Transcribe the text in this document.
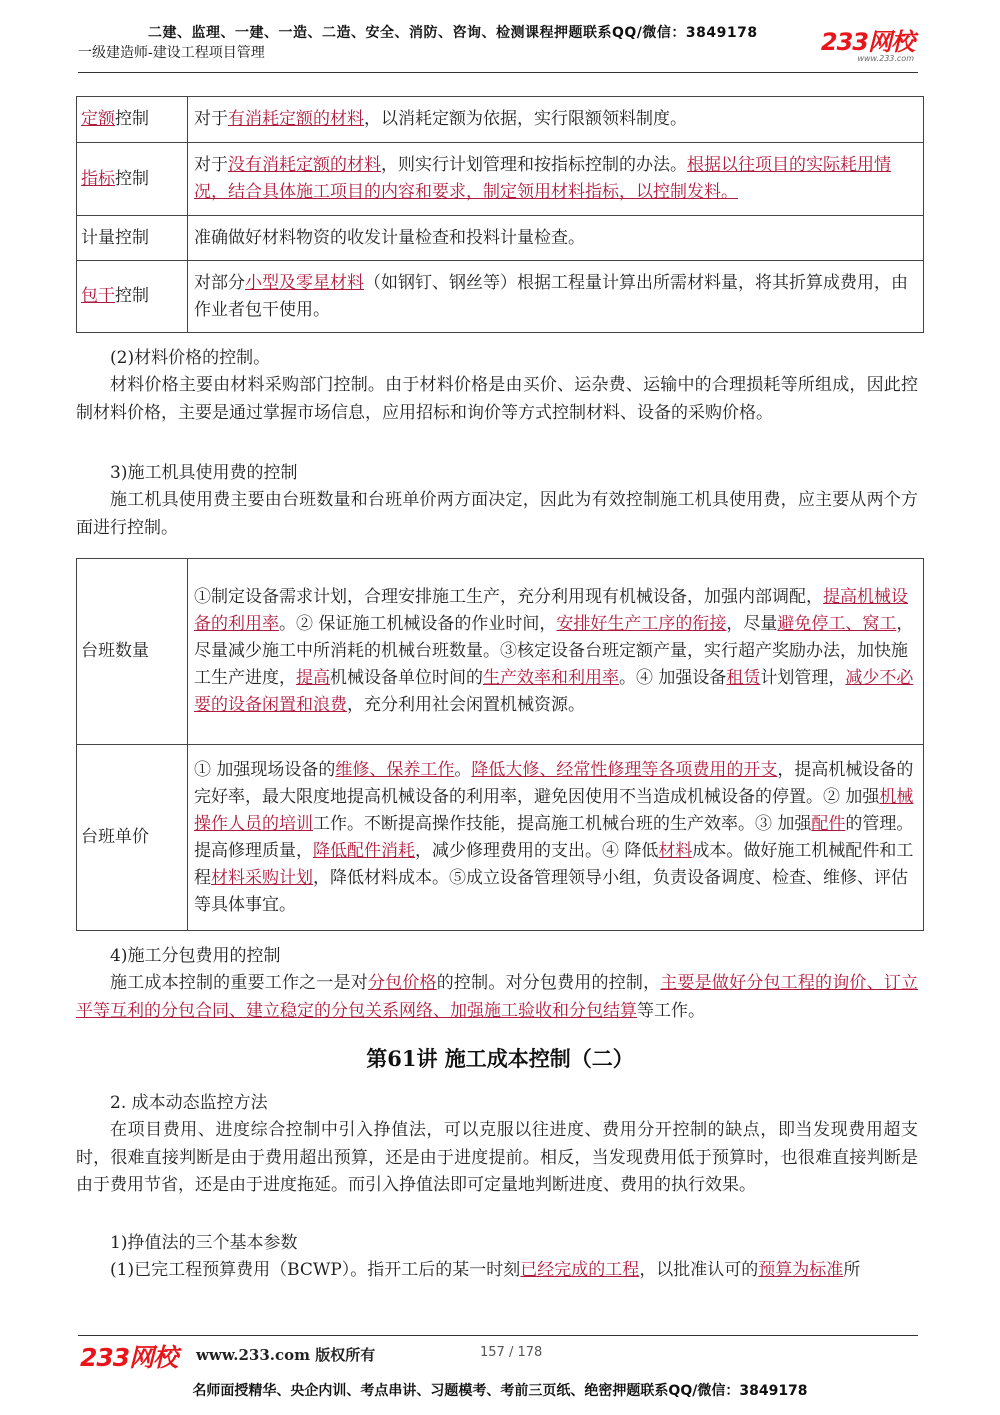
二建、监理、一建、一造、二造、安全、消防、咨询、检测课程押题联系QQ/微信：3849178
一级建造师-建设工程项目管理	233网校
www.233.com
定额控制	对于有消耗定额的材料，以消耗定额为依据，实行限额领料制度。
指标控制	对于没有消耗定额的材料，则实行计划管理和按指标控制的办法。根据以往项目的实际耗用情况，结合具体施工项目的内容和要求，制定领用材料指标，以控制发料。
计量控制	准确做好材料物资的收发计量检查和投料计量检查。
包干控制	对部分小型及零星材料（如钢钉、钢丝等）根据工程量计算出所需材料量，将其折算成费用，由作业者包干使用。
(2)材料价格的控制。
材料价格主要由材料采购部门控制。由于材料价格是由买价、运杂费、运输中的合理损耗等所组成，因此控制材料价格，主要是通过掌握市场信息，应用招标和询价等方式控制材料、设备的采购价格。
3)施工机具使用费的控制
施工机具使用费主要由台班数量和台班单价两方面决定，因此为有效控制施工机具使用费，应主要从两个方面进行控制。
台班数量	①制定设备需求计划，合理安排施工生产，充分利用现有机械设备，加强内部调配，提高机械设备的利用率。② 保证施工机械设备的作业时间，安排好生产工序的衔接，尽量避免停工、窝工，尽量减少施工中所消耗的机械台班数量。③核定设备台班定额产量，实行超产奖励办法，加快施工生产进度，提高机械设备单位时间的生产效率和利用率。④ 加强设备租赁计划管理，减少不必要的设备闲置和浪费，充分利用社会闲置机械资源。
台班单价	① 加强现场设备的维修、保养工作。降低大修、经常性修理等各项费用的开支，提高机械设备的完好率，最大限度地提高机械设备的利用率，避免因使用不当造成机械设备的停置。② 加强机械操作人员的培训工作。不断提高操作技能，提高施工机械台班的生产效率。③ 加强配件的管理。提高修理质量，降低配件消耗，减少修理费用的支出。④ 降低材料成本。做好施工机械配件和工程材料采购计划，降低材料成本。⑤成立设备管理领导小组，负责设备调度、检查、维修、评估等具体事宜。
4)施工分包费用的控制
施工成本控制的重要工作之一是对分包价格的控制。对分包费用的控制，主要是做好分包工程的询价、订立平等互利的分包合同、建立稳定的分包关系网络、加强施工验收和分包结算等工作。
第61讲 施工成本控制（二）
2. 成本动态监控方法
在项目费用、进度综合控制中引入挣值法，可以克服以往进度、费用分开控制的缺点，即当发现费用超支时，很难直接判断是由于费用超出预算，还是由于进度提前。相反，当发现费用低于预算时，也很难直接判断是由于费用节省，还是由于进度拖延。而引入挣值法即可定量地判断进度、费用的执行效果。
1)挣值法的三个基本参数
(1)已完工程预算费用（BCWP）。指开工后的某一时刻已经完成的工程，以批准认可的预算为标准所
233网校 www.233.com 版权所有	157 / 178
名师面授精华、央企内训、考点串讲、习题模考、考前三页纸、绝密押题联系QQ/微信：3849178
